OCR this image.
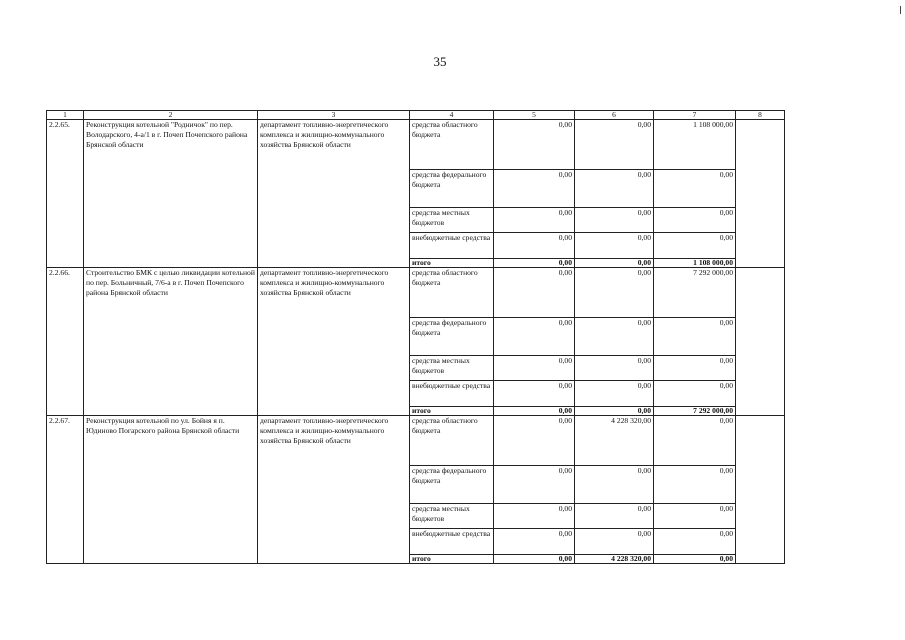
35
1	2	3	4	5	6	7	8
2.2.65.	Реконструкция котельной "Родничок" по пер. Володарского, 4-а/1 в г. Почеп Почепского района Брянской области	департамент топливно-энергетического комплекса и жилищно-коммунального хозяйства Брянской области	средства областного бюджета	0,00	0,00	1 108 000,00	
			средства федерального бюджета	0,00	0,00	0,00	
			средства местных бюджетов	0,00	0,00	0,00	
			внебюджетные средства	0,00	0,00	0,00	
			итого	0,00	0,00	1 108 000,00	
2.2.66.	Строительство БМК с целью ликвидации котельной по пер. Больничный, 7/6-а в г. Почеп Почепского района Брянской области	департамент топливно-энергетического комплекса и жилищно-коммунального хозяйства Брянской области	средства областного бюджета	0,00	0,00	7 292 000,00	
			средства федерального бюджета	0,00	0,00	0,00	
			средства местных бюджетов	0,00	0,00	0,00	
			внебюджетные средства	0,00	0,00	0,00	
			итого	0,00	0,00	7 292 000,00	
2.2.67.	Реконструкция котельной по ул. Бойня я п. Юдиново Погарского района Брянской области	департамент топливно-энергетического комплекса и жилищно-коммунального хозяйства Брянской области	средства областного бюджета	0,00	4 228 320,00	0,00	
			средства федерального бюджета	0,00	0,00	0,00	
			средства местных бюджетов	0,00	0,00	0,00	
			внебюджетные средства	0,00	0,00	0,00	
			итого	0,00	4 228 320,00	0,00	
